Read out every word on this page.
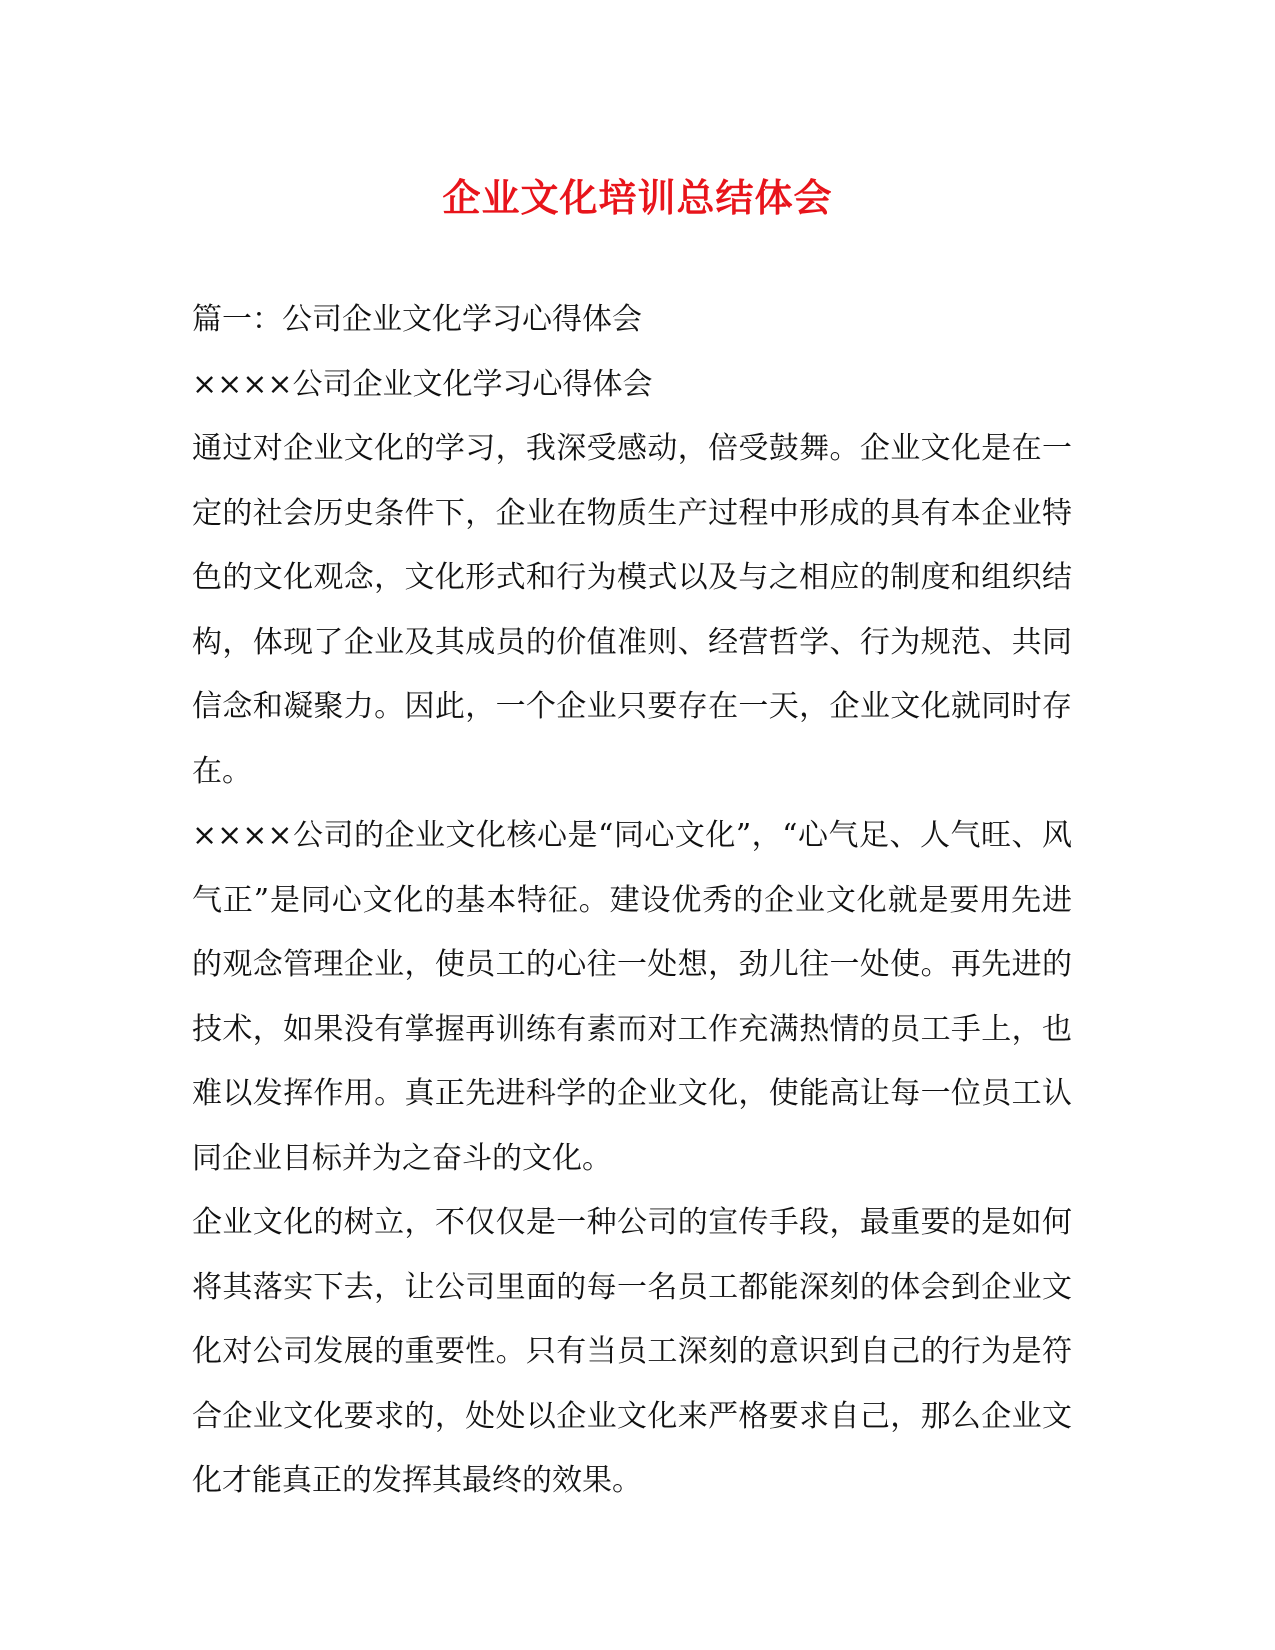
企业文化培训总结体会

篇一：公司企业文化学习心得体会

××××公司企业文化学习心得体会

通过对企业文化的学习，我深受感动，倍受鼓舞。企业文化是在一定的社会历史条件下，企业在物质生产过程中形成的具有本企业特色的文化观念，文化形式和行为模式以及与之相应的制度和组织结构，体现了企业及其成员的价值准则、经营哲学、行为规范、共同信念和凝聚力。因此，一个企业只要存在一天，企业文化就同时存在。

××××公司的企业文化核心是“同心文化”，“心气足、人气旺、风气正”是同心文化的基本特征。建设优秀的企业文化就是要用先进的观念管理企业，使员工的心往一处想，劲儿往一处使。再先进的技术，如果没有掌握再训练有素而对工作充满热情的员工手上，也难以发挥作用。真正先进科学的企业文化，使能高让每一位员工认同企业目标并为之奋斗的文化。

企业文化的树立，不仅仅是一种公司的宣传手段，最重要的是如何将其落实下去，让公司里面的每一名员工都能深刻的体会到企业文化对公司发展的重要性。只有当员工深刻的意识到自己的行为是符合企业文化要求的，处处以企业文化来严格要求自己，那么企业文化才能真正的发挥其最终的效果。
